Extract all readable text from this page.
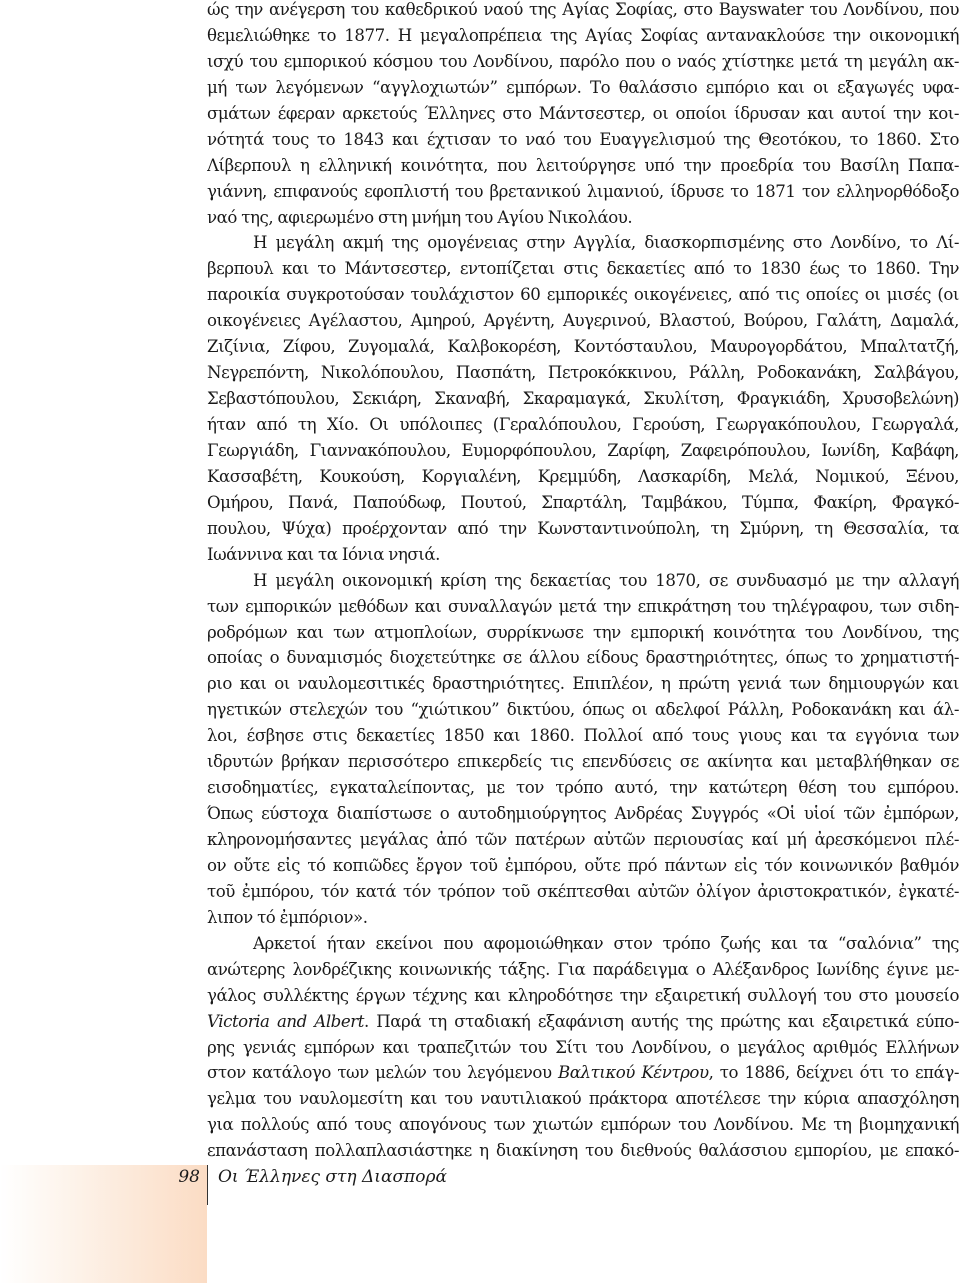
ώς την ανέγερση του καθεδρικού ναού της Αγίας Σοφίας, στο Bayswater του Λονδίνου, που
θεμελιώθηκε το 1877. Η μεγαλοπρέπεια της Αγίας Σοφίας αντανακλούσε την οικονομική
ισχύ του εμπορικού κόσμου του Λονδίνου, παρόλο που ο ναός χτίστηκε μετά τη μεγάλη ακ-
μή των λεγόμενων “αγγλοχιωτών” εμπόρων. Το θαλάσσιο εμπόριο και οι εξαγωγές υφα-
σμάτων έφεραν αρκετούς Έλληνες στο Μάντσεστερ, οι οποίοι ίδρυσαν και αυτοί την κοι-
νότητά τους το 1843 και έχτισαν το ναό του Ευαγγελισμού της Θεοτόκου, το 1860. Στο
Λίβερπουλ η ελληνική κοινότητα, που λειτούργησε υπό την προεδρία του Βασίλη Παπα-
γιάννη, επιφανούς εφοπλιστή του βρετανικού λιμανιού, ίδρυσε το 1871 τον ελληνορθόδοξο
ναό της, αφιερωμένο στη μνήμη του Αγίου Νικολάου.
Η μεγάλη ακμή της ομογένειας στην Αγγλία, διασκορπισμένης στο Λονδίνο, το Λί-
βερπουλ και το Μάντσεστερ, εντοπίζεται στις δεκαετίες από το 1830 έως το 1860. Την
παροικία συγκροτούσαν τουλάχιστον 60 εμπορικές οικογένειες, από τις οποίες οι μισές (οι
οικογένειες Αγέλαστου, Αμηρού, Αργέντη, Αυγερινού, Βλαστού, Βούρου, Γαλάτη, Δαμαλά,
Ζιζίνια, Ζίφου, Ζυγομαλά, Καλβοκορέση, Κοντόσταυλου, Μαυρογορδάτου, Μπαλτατζή,
Νεγρεπόντη, Νικολόπουλου, Πασπάτη, Πετροκόκκινου, Ράλλη, Ροδοκανάκη, Σαλβάγου,
Σεβαστόπουλου, Σεκιάρη, Σκαναβή, Σκαραμαγκά, Σκυλίτση, Φραγκιάδη, Χρυσοβελώνη)
ήταν από τη Χίο. Οι υπόλοιπες (Γεραλόπουλου, Γερούση, Γεωργακόπουλου, Γεωργαλά,
Γεωργιάδη, Γιαννακόπουλου, Ευμορφόπουλου, Ζαρίφη, Ζαφειρόπουλου, Ιωνίδη, Καβάφη,
Κασσαβέτη, Κουκούση, Κοργιαλένη, Κρεμμύδη, Λασκαρίδη, Μελά, Νομικού, Ξένου,
Ομήρου, Πανά, Παπούδωφ, Πουτού, Σπαρτάλη, Ταμβάκου, Τύμπα, Φακίρη, Φραγκό-
πουλου, Ψύχα) προέρχονταν από την Κωνσταντινούπολη, τη Σμύρνη, τη Θεσσαλία, τα
Ιωάννινα και τα Ιόνια νησιά.
Η μεγάλη οικονομική κρίση της δεκαετίας του 1870, σε συνδυασμό με την αλλαγή
των εμπορικών μεθόδων και συναλλαγών μετά την επικράτηση του τηλέγραφου, των σιδη-
ροδρόμων και των ατμοπλοίων, συρρίκνωσε την εμπορική κοινότητα του Λονδίνου, της
οποίας ο δυναμισμός διοχετεύτηκε σε άλλου είδους δραστηριότητες, όπως το χρηματιστή-
ριο και οι ναυλομεσιτικές δραστηριότητες. Επιπλέον, η πρώτη γενιά των δημιουργών και
ηγετικών στελεχών του “χιώτικου” δικτύου, όπως οι αδελφοί Ράλλη, Ροδοκανάκη και άλ-
λοι, έσβησε στις δεκαετίες 1850 και 1860. Πολλοί από τους γιους και τα εγγόνια των
ιδρυτών βρήκαν περισσότερο επικερδείς τις επενδύσεις σε ακίνητα και μεταβλήθηκαν σε
εισοδηματίες, εγκαταλείποντας, με τον τρόπο αυτό, την κατώτερη θέση του εμπόρου.
Όπως εύστοχα διαπίστωσε ο αυτοδημιούργητος Ανδρέας Συγγρός «Οἱ υἱοί τῶν ἐμπόρων,
κληρονομήσαντες μεγάλας ἀπό τῶν πατέρων αὐτῶν περιουσίας καί μή ἀρεσκόμενοι πλέ-
ον οὔτε εἰς τό κοπιῶδες ἔργον τοῦ ἐμπόρου, οὔτε πρό πάντων εἰς τόν κοινωνικόν βαθμόν
τοῦ ἐμπόρου, τόν κατά τόν τρόπον τοῦ σκέπτεσθαι αὐτῶν ὀλίγον ἀριστοκρατικόν, ἐγκατέ-
λιπον τό ἐμπόριον».
Αρκετοί ήταν εκείνοι που αφομοιώθηκαν στον τρόπο ζωής και τα “σαλόνια” της
ανώτερης λονδρέζικης κοινωνικής τάξης. Για παράδειγμα ο Αλέξανδρος Ιωνίδης έγινε με-
γάλος συλλέκτης έργων τέχνης και κληροδότησε την εξαιρετική συλλογή του στο μουσείο
Victoria and Albert. Παρά τη σταδιακή εξαφάνιση αυτής της πρώτης και εξαιρετικά εύπο-
ρης γενιάς εμπόρων και τραπεζιτών του Σίτι του Λονδίνου, ο μεγάλος αριθμός Ελλήνων
στον κατάλογο των μελών του λεγόμενου Βαλτικού Κέντρου, το 1886, δείχνει ότι το επάγ-
γελμα του ναυλομεσίτη και του ναυτιλιακού πράκτορα αποτέλεσε την κύρια απασχόληση
για πολλούς από τους απογόνους των χιωτών εμπόρων του Λονδίνου. Με τη βιομηχανική
επανάσταση πολλαπλασιάστηκε η διακίνηση του διεθνούς θαλάσσιου εμπορίου, με επακό-
98 Οι Έλληνες στη Διασπορά
